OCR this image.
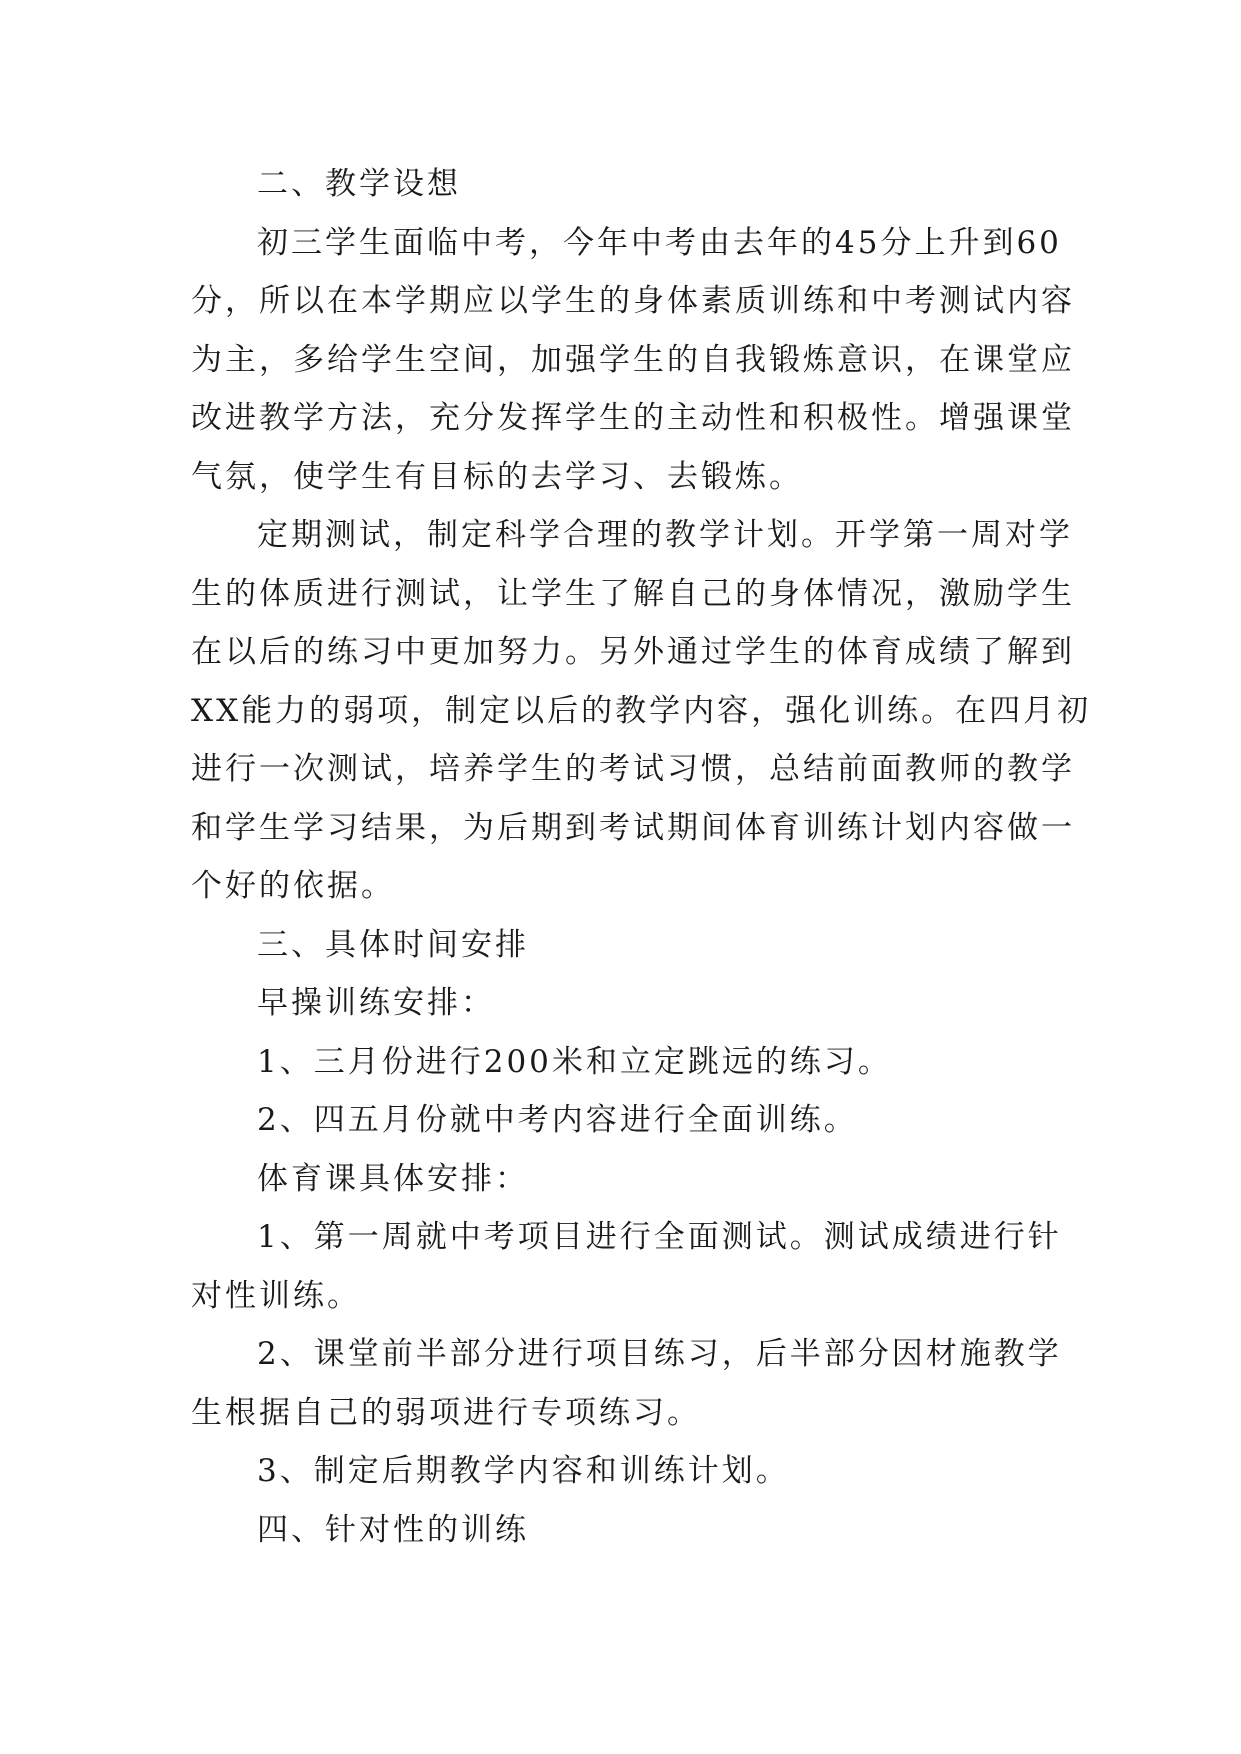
二、教学设想

初三学生面临中考，今年中考由去年的45分上升到60
分，所以在本学期应以学生的身体素质训练和中考测试内容
为主，多给学生空间，加强学生的自我锻炼意识，在课堂应
改进教学方法，充分发挥学生的主动性和积极性。增强课堂
气氛，使学生有目标的去学习、去锻炼。

定期测试，制定科学合理的教学计划。开学第一周对学
生的体质进行测试，让学生了解自己的身体情况，激励学生
在以后的练习中更加努力。另外通过学生的体育成绩了解到
XX能力的弱项，制定以后的教学内容，强化训练。在四月初
进行一次测试，培养学生的考试习惯，总结前面教师的教学
和学生学习结果，为后期到考试期间体育训练计划内容做一
个好的依据。

三、具体时间安排

早操训练安排：

1、三月份进行200米和立定跳远的练习。

2、四五月份就中考内容进行全面训练。

体育课具体安排：

1、第一周就中考项目进行全面测试。测试成绩进行针
对性训练。

2、课堂前半部分进行项目练习，后半部分因材施教学
生根据自己的弱项进行专项练习。

3、制定后期教学内容和训练计划。

四、针对性的训练
